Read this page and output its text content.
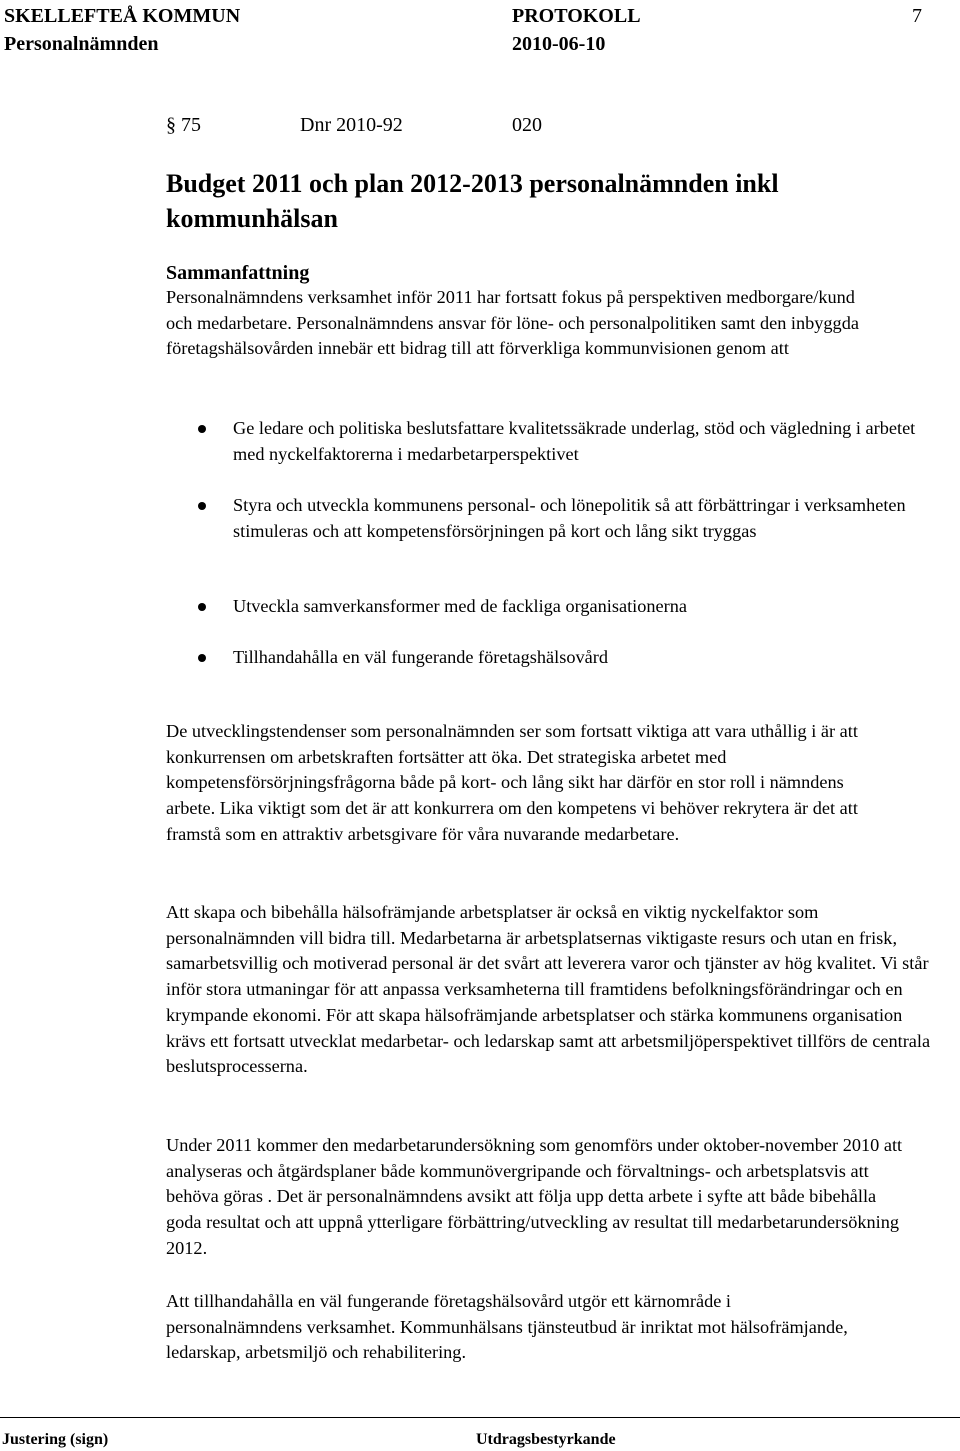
SKELLEFTEÅ KOMMUN	PROTOKOLL	7
Personalnämnden	2010-06-10
§ 75	Dnr 2010-92	020
Budget 2011 och plan 2012-2013 personalnämnden inkl kommunhälsan
Sammanfattning

Personalnämndens verksamhet inför 2011 har fortsatt fokus på perspektiven medborgare/kund och medarbetare. Personalnämndens ansvar för löne- och personalpolitiken samt den inbyggda företagshälsovården innebär ett bidrag till att förverkliga kommunvisionen genom att

Ge ledare och politiska beslutsfattare kvalitetssäkrade underlag, stöd och vägledning i arbetet med nyckelfaktorerna i medarbetarperspektivet
Styra och utveckla kommunens personal- och lönepolitik så att förbättringar i verksamheten stimuleras och att kompetensförsörjningen på kort och lång sikt tryggas
Utveckla samverkansformer med de fackliga organisationerna
Tillhandahålla en väl fungerande företagshälsovård

De utvecklingstendenser som personalnämnden ser som fortsatt viktiga att vara uthållig i är att konkurrensen om arbetskraften fortsätter att öka. Det strategiska arbetet med kompetensförsörjningsfrågorna både på kort- och lång sikt har därför en stor roll i nämndens arbete. Lika viktigt som det är att konkurrera om den kompetens vi behöver rekrytera är det att framstå som en attraktiv arbetsgivare för våra nuvarande medarbetare.

Att skapa och bibehålla hälsofrämjande arbetsplatser är också en viktig nyckelfaktor som personalnämnden vill bidra till. Medarbetarna är arbetsplatsernas viktigaste resurs och utan en frisk, samarbetsvillig och motiverad personal är det svårt att leverera varor och tjänster av hög kvalitet. Vi står inför stora utmaningar för att anpassa verksamheterna till framtidens befolkningsförändringar och en krympande ekonomi. För att skapa hälsofrämjande arbetsplatser och stärka kommunens organisation krävs ett fortsatt utvecklat medarbetar- och ledarskap samt att arbetsmiljöperspektivet tillförs de centrala beslutsprocesserna.

Under 2011 kommer den medarbetarundersökning som genomförs under oktober-november 2010 att analyseras och åtgärdsplaner både kommunövergripande och förvaltnings- och arbetsplatsvis att behöva göras . Det är personalnämndens avsikt att följa upp detta arbete i syfte att både bibehålla goda resultat och att uppnå ytterligare förbättring/utveckling av resultat till medarbetarundersökning 2012.

Att tillhandahålla en väl fungerande företagshälsovård utgör ett kärnområde i personalnämndens verksamhet. Kommunhälsans tjänsteutbud är inriktat mot hälsofrämjande, ledarskap, arbetsmiljö och rehabilitering.

Justering (sign)	Utdragsbestyrkande
